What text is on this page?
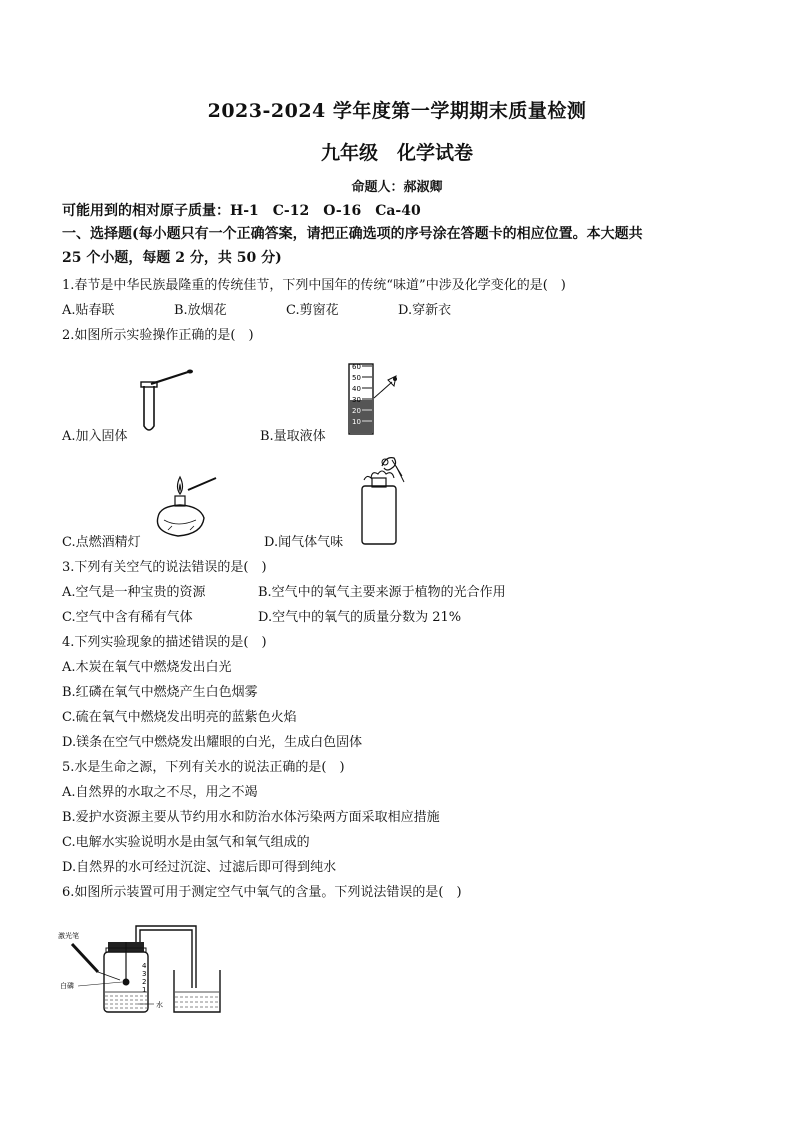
2023-2024 学年度第一学期期末质量检测
九年级　化学试卷
命题人：郝淑卿
可能用到的相对原子质量：H-1　C-12　O-16　Ca-40
一、选择题(每小题只有一个正确答案，请把正确选项的序号涂在答题卡的相应位置。本大题共
25 个小题，每题 2 分，共 50 分)
1.春节是中华民族最隆重的传统佳节，下列中国年的传统“味道”中涉及化学变化的是(　)
A.贴春联	B.放烟花	C.剪窗花	D.穿新衣
2.如图所示实验操作正确的是(　)
A.加入固体
60
50
40
30
20
10
B.量取液体
C.点燃酒精灯	D.闻气体气味
3.下列有关空气的说法错误的是(　)
A.空气是一种宝贵的资源	B.空气中的氧气主要来源于植物的光合作用
C.空气中含有稀有气体	D.空气中的氧气的质量分数为 21%
4.下列实验现象的描述错误的是(　)
A.木炭在氧气中燃烧发出白光
B.红磷在氧气中燃烧产生白色烟雾
C.硫在氧气中燃烧发出明亮的蓝紫色火焰
D.镁条在空气中燃烧发出耀眼的白光，生成白色固体
5.水是生命之源，下列有关水的说法正确的是(　)
A.自然界的水取之不尽，用之不竭
B.爱护水资源主要从节约用水和防治水体污染两方面采取相应措施
C.电解水实验说明水是由氢气和氧气组成的
D.自然界的水可经过沉淀、过滤后即可得到纯水
6.如图所示装置可用于测定空气中氧气的含量。下列说法错误的是(　)
4
3
2
1
激光笔
白磷
水
